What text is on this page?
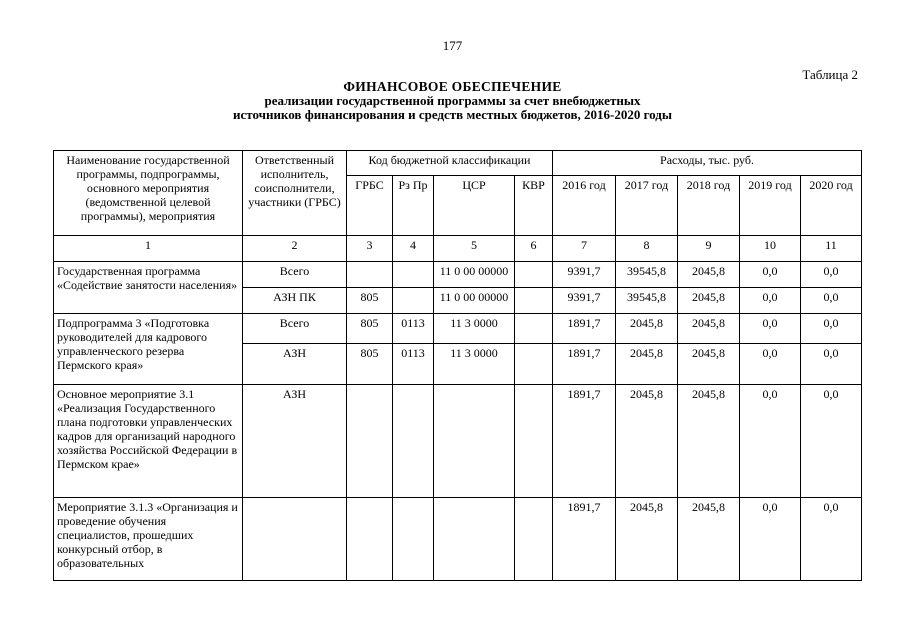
177
Таблица 2
ФИНАНСОВОЕ ОБЕСПЕЧЕНИЕ
реализации государственной программы за счет внебюджетных
источников финансирования и средств местных бюджетов, 2016-2020 годы
Наименование государственной программы, подпрограммы, основного мероприятия (ведомственной целевой программы), мероприятия	Ответственный исполнитель, соисполнители, участники (ГРБС)	Код бюджетной классификации				Расходы, тыс. руб.				
		ГРБС	Рз Пр	ЦСР	КВР	2016 год	2017 год	2018 год	2019 год	2020 год
1	2	3	4	5	6	7	8	9	10	11
Государственная программа «Содействие занятости населения»	Всего			11 0 00 00000		9391,7	39545,8	2045,8	0,0	0,0
	АЗН ПК	805		11 0 00 00000		9391,7	39545,8	2045,8	0,0	0,0
Подпрограмма 3 «Подготовка руководителей для кадрового управленческого резерва Пермского края»	Всего	805	0113	11 3 0000		1891,7	2045,8	2045,8	0,0	0,0
	АЗН	805	0113	11 3 0000		1891,7	2045,8	2045,8	0,0	0,0
Основное мероприятие 3.1 «Реализация Государственного плана подготовки управленческих кадров для организаций народного хозяйства Российской Федерации в Пермском крае»	АЗН					1891,7	2045,8	2045,8	0,0	0,0
Мероприятие 3.1.3 «Организация и проведение обучения специалистов, прошедших конкурсный отбор, в образовательных						1891,7	2045,8	2045,8	0,0	0,0
